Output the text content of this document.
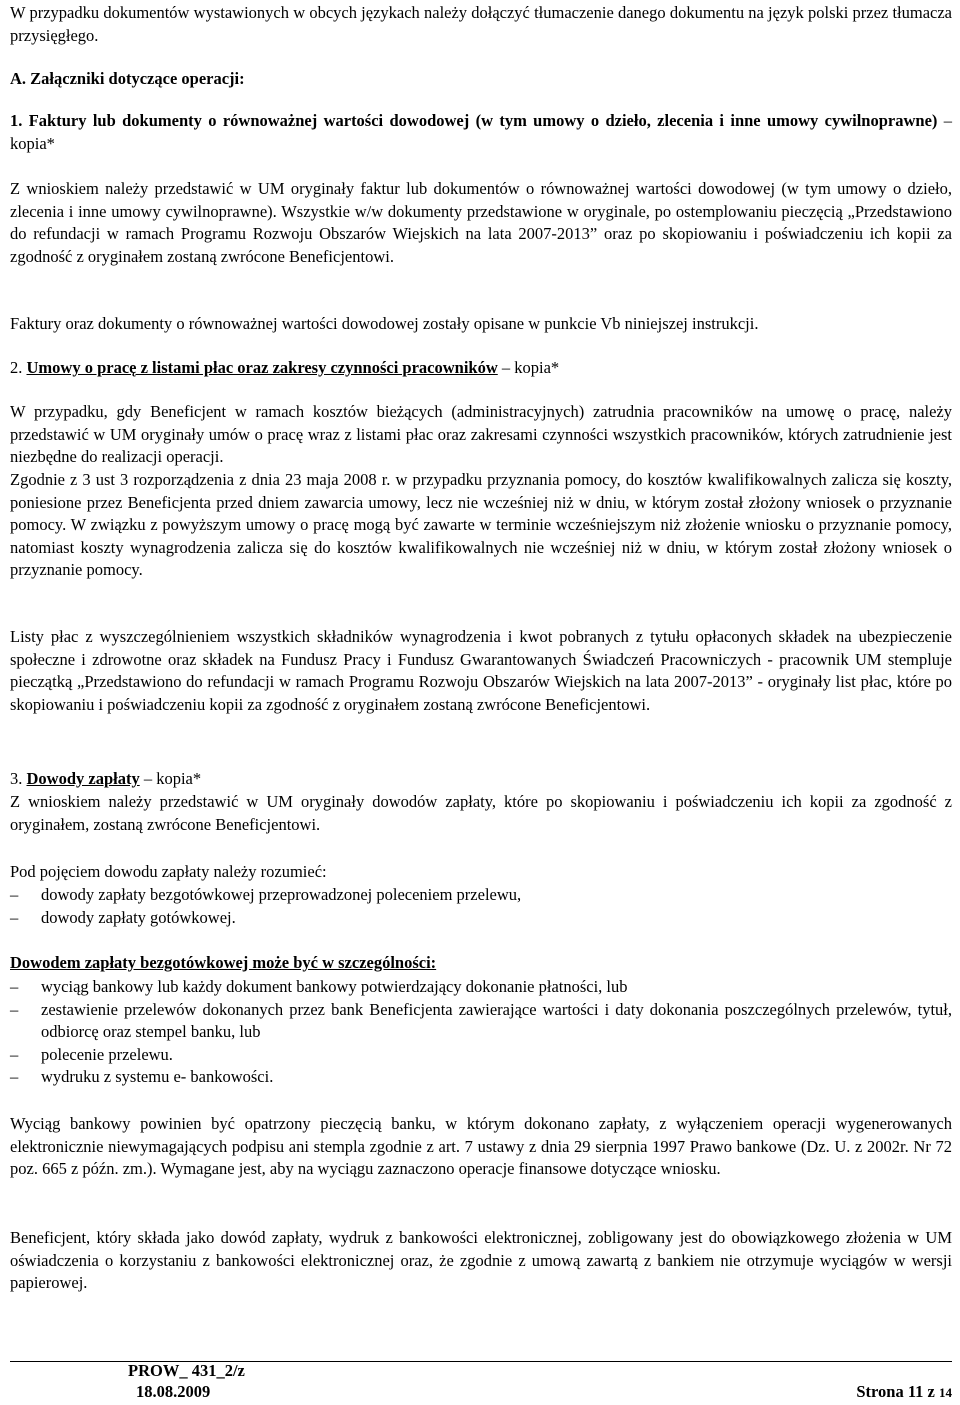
W przypadku dokumentów wystawionych w obcych językach należy dołączyć tłumaczenie danego dokumentu na język polski przez tłumacza przysięgłego.

A. Załączniki dotyczące operacji:

1. Faktury lub dokumenty o równoważnej wartości dowodowej (w tym umowy o dzieło, zlecenia i inne umowy cywilnoprawne) – kopia*

Z wnioskiem należy przedstawić w UM oryginały faktur lub dokumentów o równoważnej wartości dowodowej (w tym umowy o dzieło, zlecenia i inne umowy cywilnoprawne). Wszystkie w/w dokumenty przedstawione w oryginale, po ostemplowaniu pieczęcią „Przedstawiono do refundacji w ramach Programu Rozwoju Obszarów Wiejskich na lata 2007-2013” oraz po skopiowaniu i poświadczeniu ich kopii za zgodność z oryginałem zostaną zwrócone Beneficjentowi.

Faktury oraz dokumenty o równoważnej wartości dowodowej zostały opisane w punkcie Vb niniejszej instrukcji.

2. Umowy o pracę z listami płac oraz zakresy czynności pracowników – kopia*

W przypadku, gdy Beneficjent w ramach kosztów bieżących (administracyjnych) zatrudnia pracowników na umowę o pracę, należy przedstawić w UM oryginały umów o pracę wraz z listami płac oraz zakresami czynności wszystkich pracowników, których zatrudnienie jest niezbędne do realizacji operacji.

Zgodnie z 3 ust 3 rozporządzenia z dnia 23 maja 2008 r. w przypadku przyznania pomocy, do kosztów kwalifikowalnych zalicza się koszty, poniesione przez Beneficjenta przed dniem zawarcia umowy, lecz nie wcześniej niż w dniu, w którym został złożony wniosek o przyznanie pomocy. W związku z powyższym umowy o pracę mogą być zawarte w terminie wcześniejszym niż złożenie wniosku o przyznanie pomocy, natomiast koszty wynagrodzenia zalicza się do kosztów kwalifikowalnych nie wcześniej niż w dniu, w którym został złożony wniosek o przyznanie pomocy.

Listy płac z wyszczególnieniem wszystkich składników wynagrodzenia i kwot pobranych z tytułu opłaconych składek na ubezpieczenie społeczne i zdrowotne oraz składek na Fundusz Pracy i Fundusz Gwarantowanych Świadczeń Pracowniczych - pracownik UM stempluje pieczątką „Przedstawiono do refundacji w ramach Programu Rozwoju Obszarów Wiejskich na lata 2007-2013” - oryginały list płac, które po skopiowaniu i poświadczeniu kopii za zgodność z oryginałem zostaną zwrócone Beneficjentowi.

3. Dowody zapłaty – kopia*

Z wnioskiem należy przedstawić w UM oryginały dowodów zapłaty, które po skopiowaniu i poświadczeniu ich kopii za zgodność z oryginałem, zostaną zwrócone Beneficjentowi.

Pod pojęciem dowodu zapłaty należy rozumieć:

– dowody zapłaty bezgotówkowej przeprowadzonej poleceniem przelewu,
– dowody zapłaty gotówkowej.

Dowodem zapłaty bezgotówkowej może być w szczególności:

– wyciąg bankowy lub każdy dokument bankowy potwierdzający dokonanie płatności, lub
– zestawienie przelewów dokonanych przez bank Beneficjenta zawierające wartości i daty dokonania poszczególnych przelewów, tytuł, odbiorcę oraz stempel banku, lub
– polecenie przelewu.
– wydruku z systemu e- bankowości.

Wyciąg bankowy powinien być opatrzony pieczęcią banku, w którym dokonano zapłaty, z wyłączeniem operacji wygenerowanych elektronicznie niewymagających podpisu ani stempla zgodnie z art. 7 ustawy z dnia 29 sierpnia 1997 Prawo bankowe (Dz. U. z 2002r. Nr 72 poz. 665 z późn. zm.). Wymagane jest, aby na wyciągu zaznaczono operacje finansowe dotyczące wniosku.

Beneficjent, który składa jako dowód zapłaty, wydruk z bankowości elektronicznej, zobligowany jest do obowiązkowego złożenia w UM oświadczenia o korzystaniu z bankowości elektronicznej oraz, że zgodnie z umową zawartą z bankiem nie otrzymuje wyciągów w wersji papierowej.

PROW_ 431_2/z
18.08.2009	Strona 11 z 14
